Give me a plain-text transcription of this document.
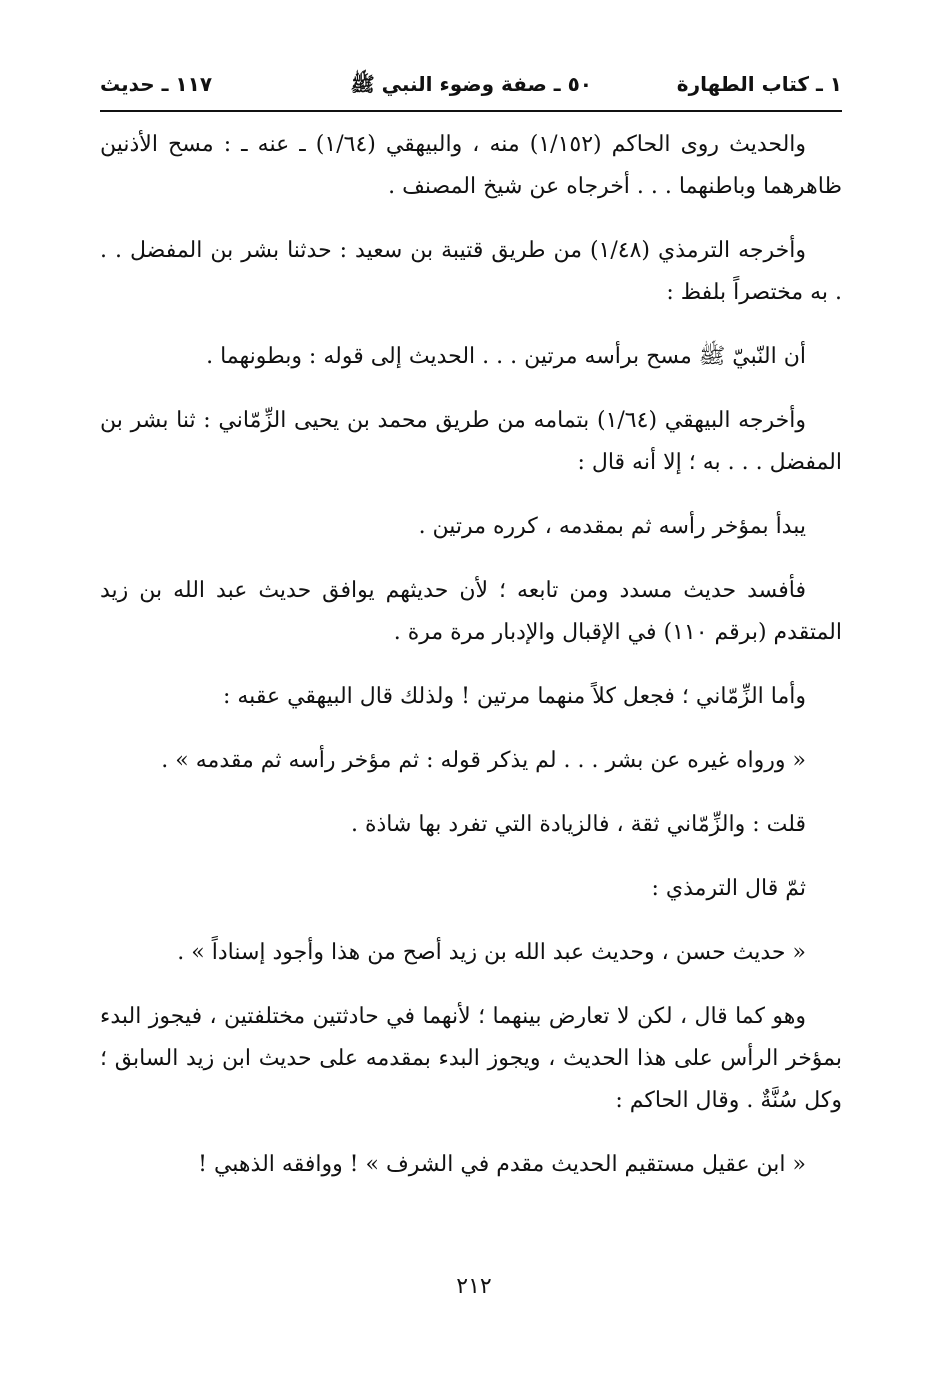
١ ـ كتاب الطهارة
٥٠ ـ صفة وضوء النبي ﷺ
١١٧ ـ حديث

والحديث روى الحاكم (١/١٥٢) منه ، والبيهقي (١/٦٤) ـ عنه ـ : مسح الأذنين ظاهرهما وباطنهما . . . أخرجاه عن شيخ المصنف .

وأخرجه الترمذي (١/٤٨) من طريق قتيبة بن سعيد : حدثنا بشر بن المفضل . . . به مختصراً بلفظ :

أن النّبيّ ﷺ مسح برأسه مرتين . . . الحديث إلى قوله : وبطونهما .

وأخرجه البيهقي (١/٦٤) بتمامه من طريق محمد بن يحيى الزِّمّاني : ثنا بشر بن المفضل . . . به ؛ إلا أنه قال :

يبدأ بمؤخر رأسه ثم بمقدمه ، كرره مرتين .

فأفسد حديث مسدد ومن تابعه ؛ لأن حديثهم يوافق حديث عبد الله بن زيد المتقدم (برقم ١١٠) في الإقبال والإدبار مرة مرة .

وأما الزِّمّاني ؛ فجعل كلاً منهما مرتين ! ولذلك قال البيهقي عقبه :

« ورواه غيره عن بشر . . . لم يذكر قوله : ثم مؤخر رأسه ثم مقدمه » .

قلت : والزِّمّاني ثقة ، فالزيادة التي تفرد بها شاذة .

ثمّ قال الترمذي :

« حديث حسن ، وحديث عبد الله بن زيد أصح من هذا وأجود إسناداً » .

وهو كما قال ، لكن لا تعارض بينهما ؛ لأنهما في حادثتين مختلفتين ، فيجوز البدء بمؤخر الرأس على هذا الحديث ، ويجوز البدء بمقدمه على حديث ابن زيد السابق ؛ وكل سُنَّةٌ . وقال الحاكم :

« ابن عقيل مستقيم الحديث مقدم في الشرف » ! ووافقه الذهبي !

٢١٢
